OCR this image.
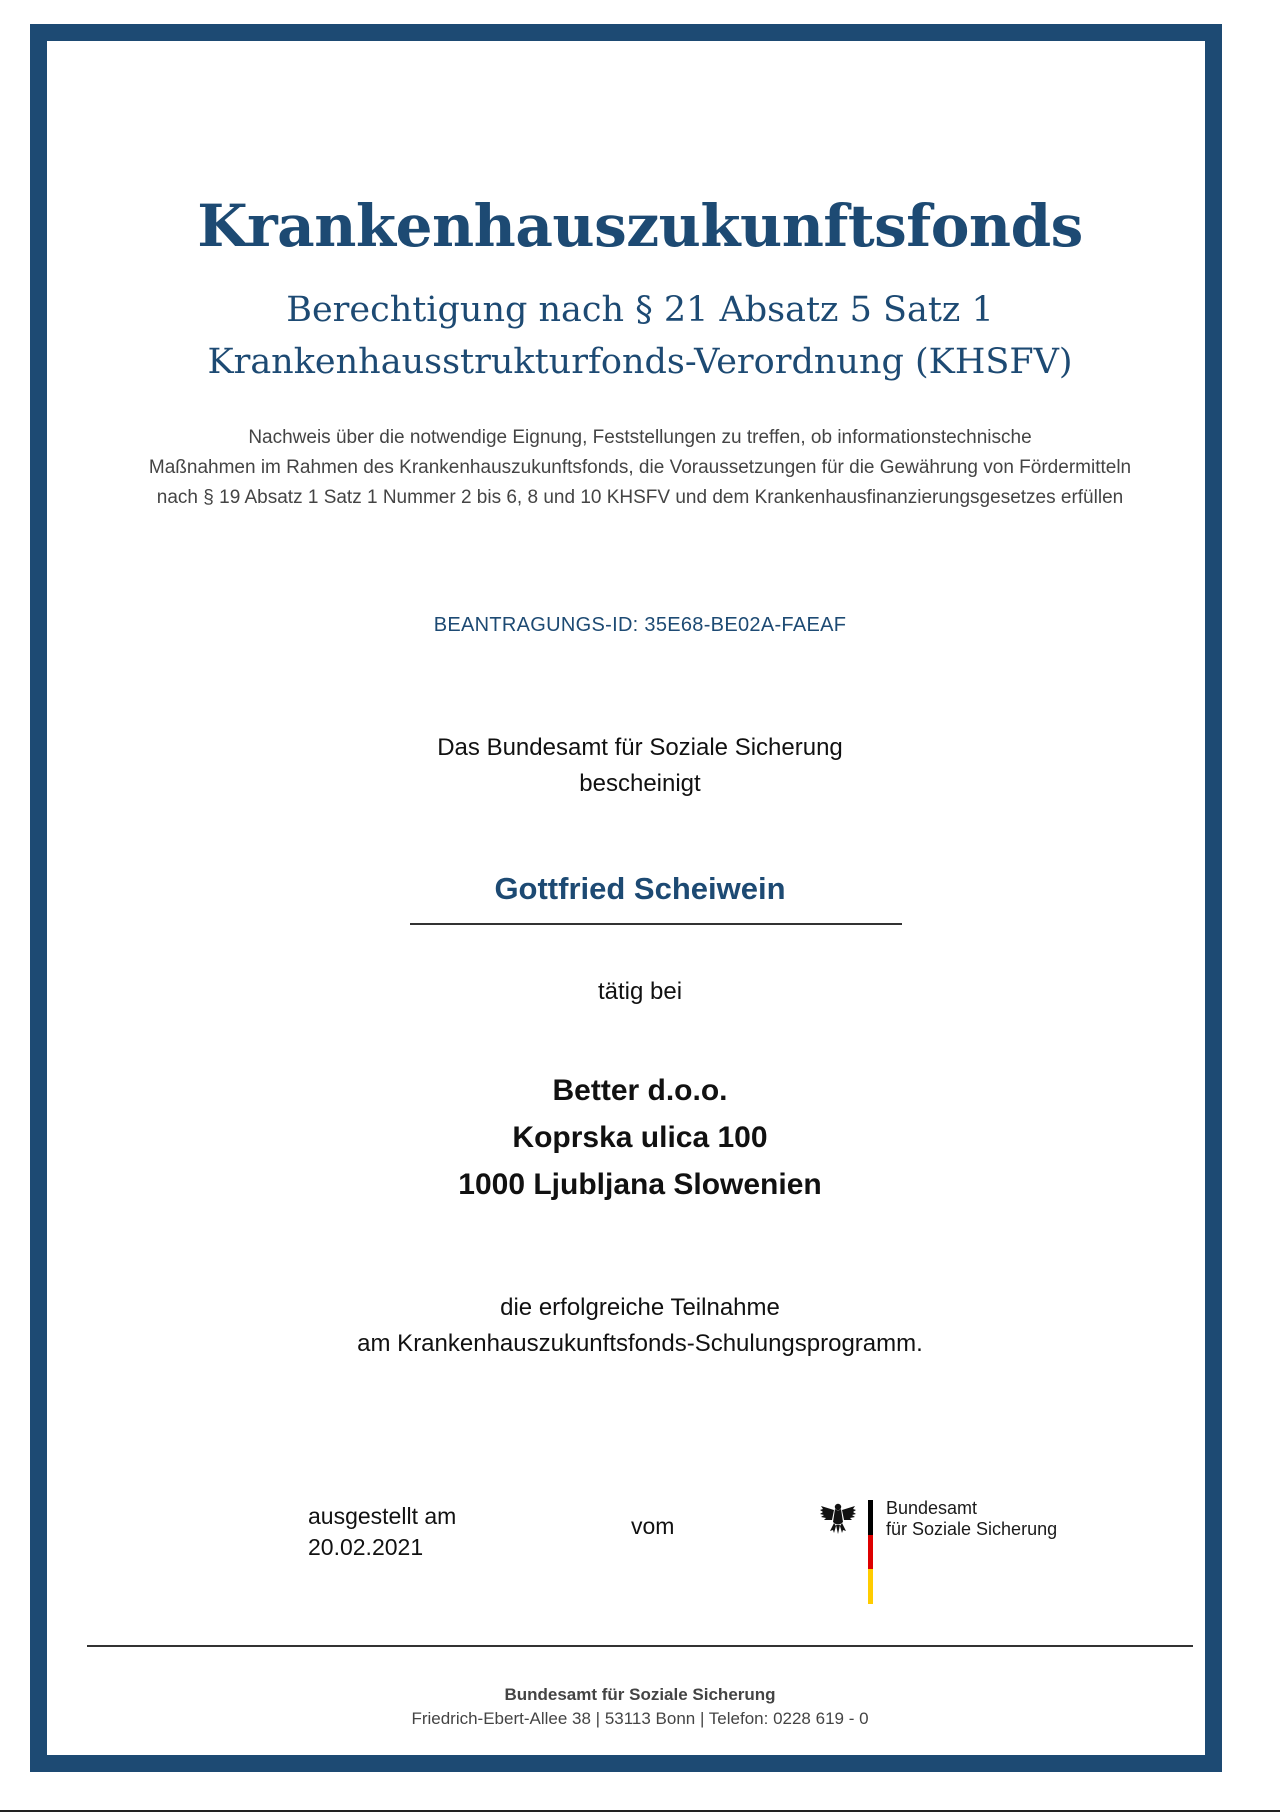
Krankenhauszukunftsfonds
Berechtigung nach § 21 Absatz 5 Satz 1
Krankenhausstrukturfonds-Verordnung (KHSFV)
Nachweis über die notwendige Eignung, Feststellungen zu treffen, ob informationstechnische
Maßnahmen im Rahmen des Krankenhauszukunftsfonds, die Voraussetzungen für die Gewährung von Fördermitteln
nach § 19 Absatz 1 Satz 1 Nummer 2 bis 6, 8 und 10 KHSFV und dem Krankenhausfinanzierungsgesetzes erfüllen
BEANTRAGUNGS-ID: 35E68-BE02A-FAEAF
Das Bundesamt für Soziale Sicherung
bescheinigt
Gottfried Scheiwein
tätig bei
Better d.o.o.
Koprska ulica 100
1000 Ljubljana Slowenien
die erfolgreiche Teilnahme
am Krankenhauszukunftsfonds-Schulungsprogramm.
ausgestellt am
20.02.2021
vom
Bundesamt
für Soziale Sicherung
Bundesamt für Soziale Sicherung
Friedrich-Ebert-Allee 38 | 53113 Bonn | Telefon: 0228 619 - 0
